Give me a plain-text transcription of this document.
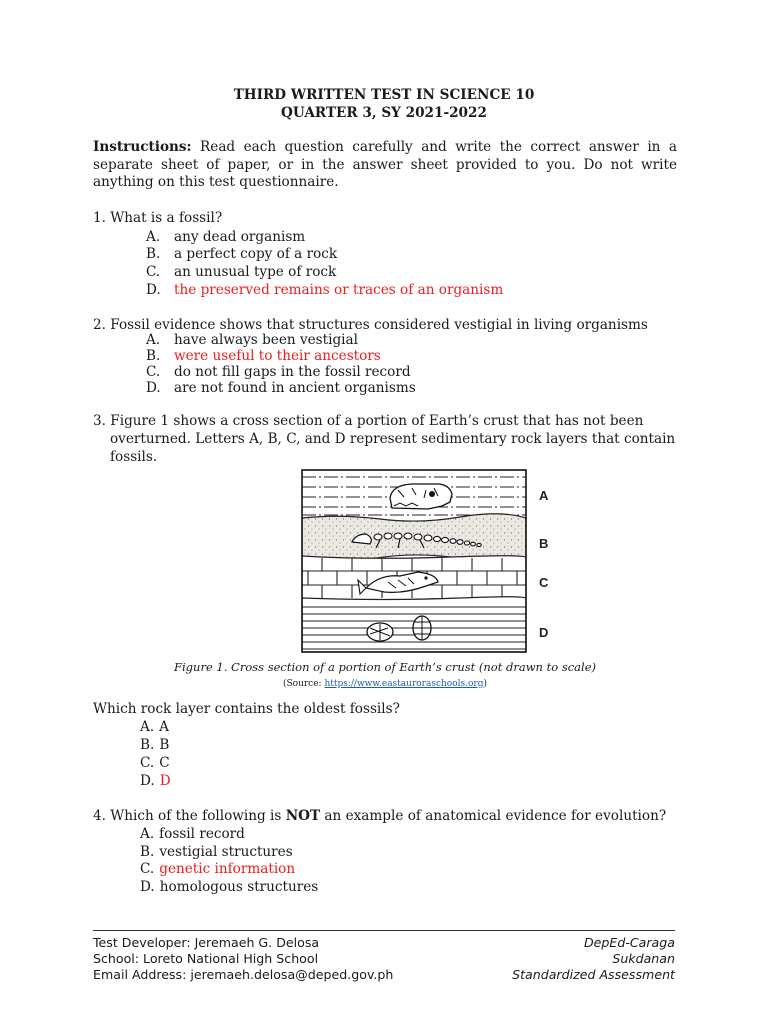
THIRD WRITTEN TEST IN SCIENCE 10
QUARTER 3, SY 2021-2022
Instructions: Read each question carefully and write the correct answer in a separate sheet of paper, or in the answer sheet provided to you. Do not write anything on this test questionnaire.
1. What is a fossil?
A. any dead organism
B. a perfect copy of a rock
C. an unusual type of rock
D. the preserved remains or traces of an organism
2. Fossil evidence shows that structures considered vestigial in living organisms
A. have always been vestigial
B. were useful to their ancestors
C. do not fill gaps in the fossil record
D. are not found in ancient organisms
3. Figure 1 shows a cross section of a portion of Earth’s crust that has not been
overturned. Letters A, B, C, and D represent sedimentary rock layers that contain
fossils.
A
B
C
D
Figure 1. Cross section of a portion of Earth’s crust (not drawn to scale)
(Source: https://www.eastauroraschools.org)
Which rock layer contains the oldest fossils?
A. A
B. B
C. C
D. D
4. Which of the following is NOT an example of anatomical evidence for evolution?
A. fossil record
B. vestigial structures
C. genetic information
D. homologous structures
Test Developer: Jeremaeh G. Delosa
School: Loreto National High School
Email Address: jeremaeh.delosa@deped.gov.ph
DepEd-Caraga
Sukdanan
Standardized Assessment
